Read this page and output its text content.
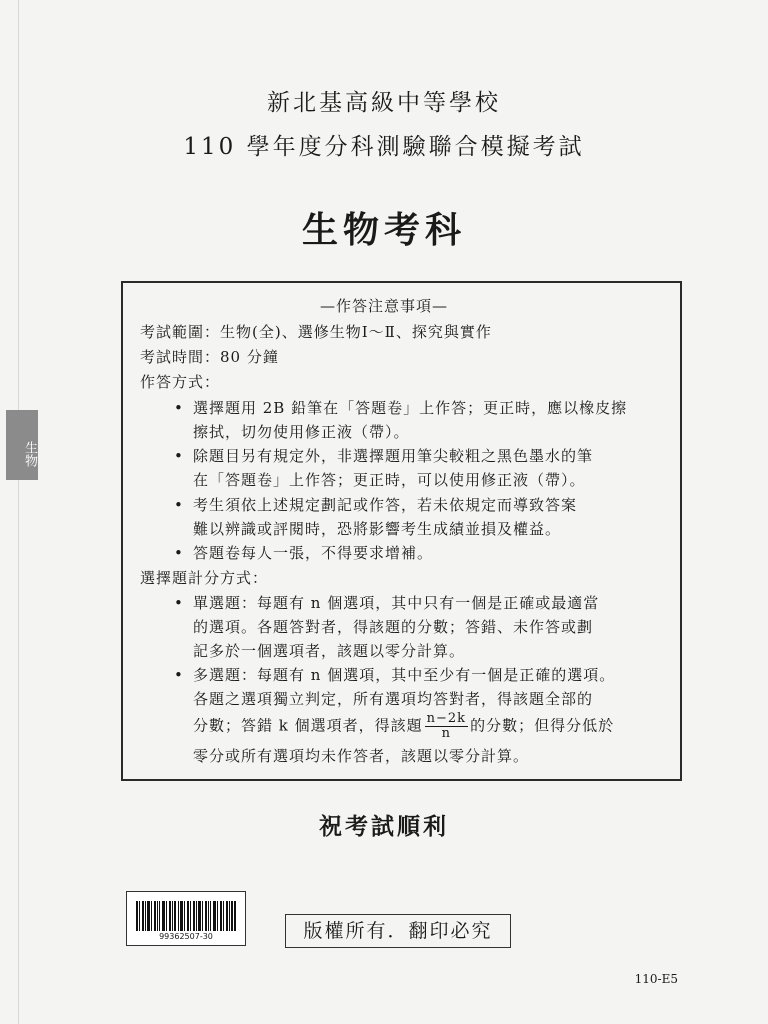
新北基高級中等學校
110 學年度分科測驗聯合模擬考試
生物考科
生物
—作答注意事項—
考試範圍：生物(全)、選修生物Ⅰ～Ⅱ、探究與實作
考試時間：80 分鐘
作答方式：
• 選擇題用 2B 鉛筆在「答題卷」上作答；更正時，應以橡皮擦
擦拭，切勿使用修正液（帶）。
• 除題目另有規定外，非選擇題用筆尖較粗之黑色墨水的筆
在「答題卷」上作答；更正時，可以使用修正液（帶）。
• 考生須依上述規定劃記或作答，若未依規定而導致答案
難以辨識或評閱時，恐將影響考生成績並損及權益。
• 答題卷每人一張，不得要求增補。
選擇題計分方式：
• 單選題：每題有 n 個選項，其中只有一個是正確或最適當
的選項。各題答對者，得該題的分數；答錯、未作答或劃
記多於一個選項者，該題以零分計算。
• 多選題：每題有 n 個選項，其中至少有一個是正確的選項。
各題之選項獨立判定，所有選項均答對者，得該題全部的
分數；答錯 k 個選項者，得該題 $\frac{n-2k}{n}$ 的分數；但得分低於
零分或所有選項均未作答者，該題以零分計算。
祝考試順利
99362507-30	版權所有．翻印必究
110-E5
